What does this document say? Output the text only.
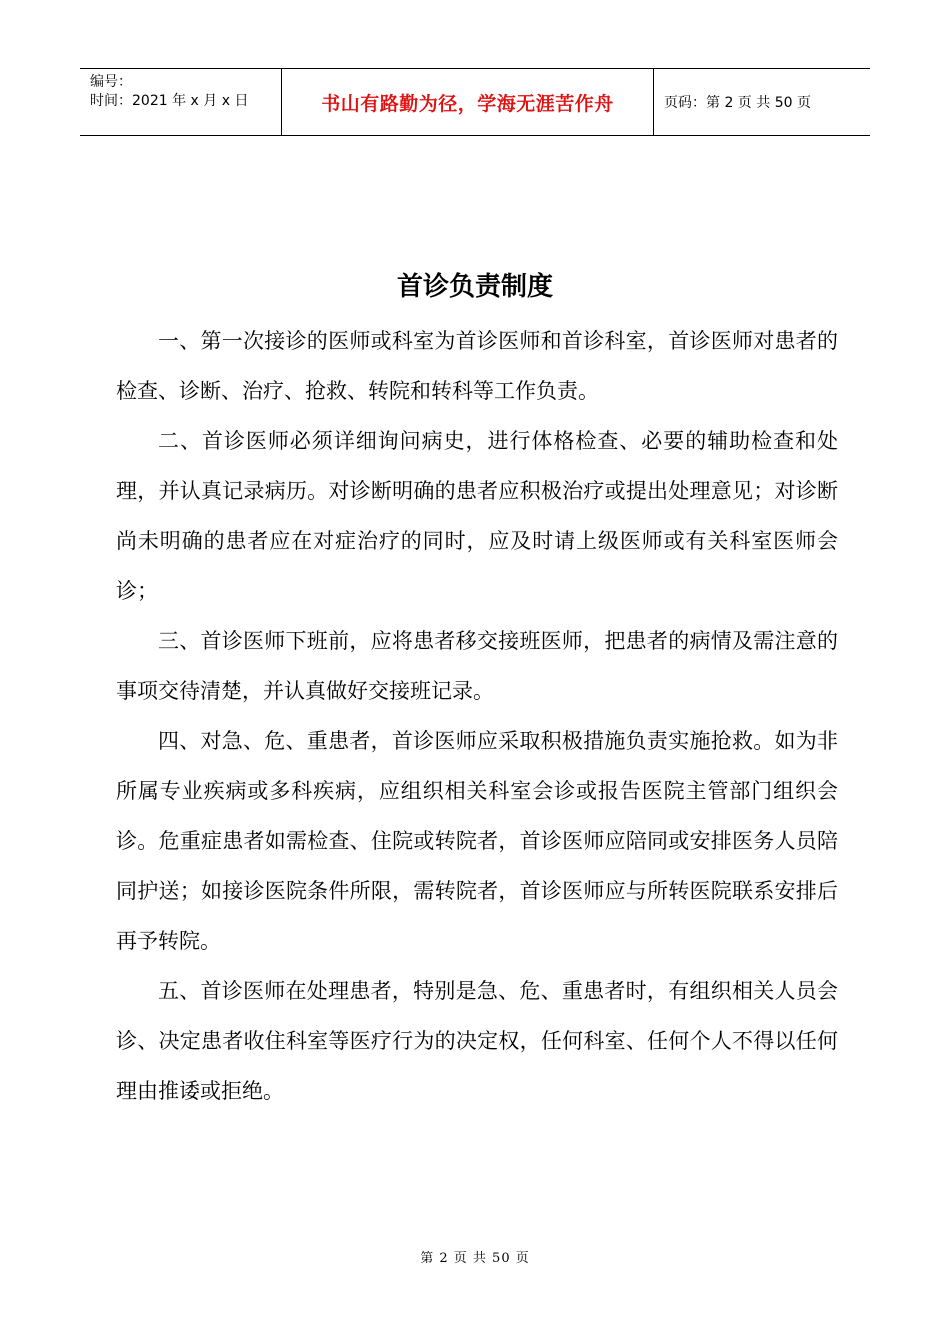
编号：
时间：2021 年 x 月 x 日	书山有路勤为径，学海无涯苦作舟	页码：第 2 页 共 50 页
首诊负责制度

一、第一次接诊的医师或科室为首诊医师和首诊科室，首诊医师对患者的检查、诊断、治疗、抢救、转院和转科等工作负责。

二、首诊医师必须详细询问病史，进行体格检查、必要的辅助检查和处理，并认真记录病历。对诊断明确的患者应积极治疗或提出处理意见；对诊断尚未明确的患者应在对症治疗的同时，应及时请上级医师或有关科室医师会诊；

三、首诊医师下班前，应将患者移交接班医师，把患者的病情及需注意的事项交待清楚，并认真做好交接班记录。

四、对急、危、重患者，首诊医师应采取积极措施负责实施抢救。如为非所属专业疾病或多科疾病，应组织相关科室会诊或报告医院主管部门组织会诊。危重症患者如需检查、住院或转院者，首诊医师应陪同或安排医务人员陪同护送；如接诊医院条件所限，需转院者，首诊医师应与所转医院联系安排后再予转院。

五、首诊医师在处理患者，特别是急、危、重患者时，有组织相关人员会诊、决定患者收住科室等医疗行为的决定权，任何科室、任何个人不得以任何理由推诿或拒绝。

第 2 页 共 50 页
